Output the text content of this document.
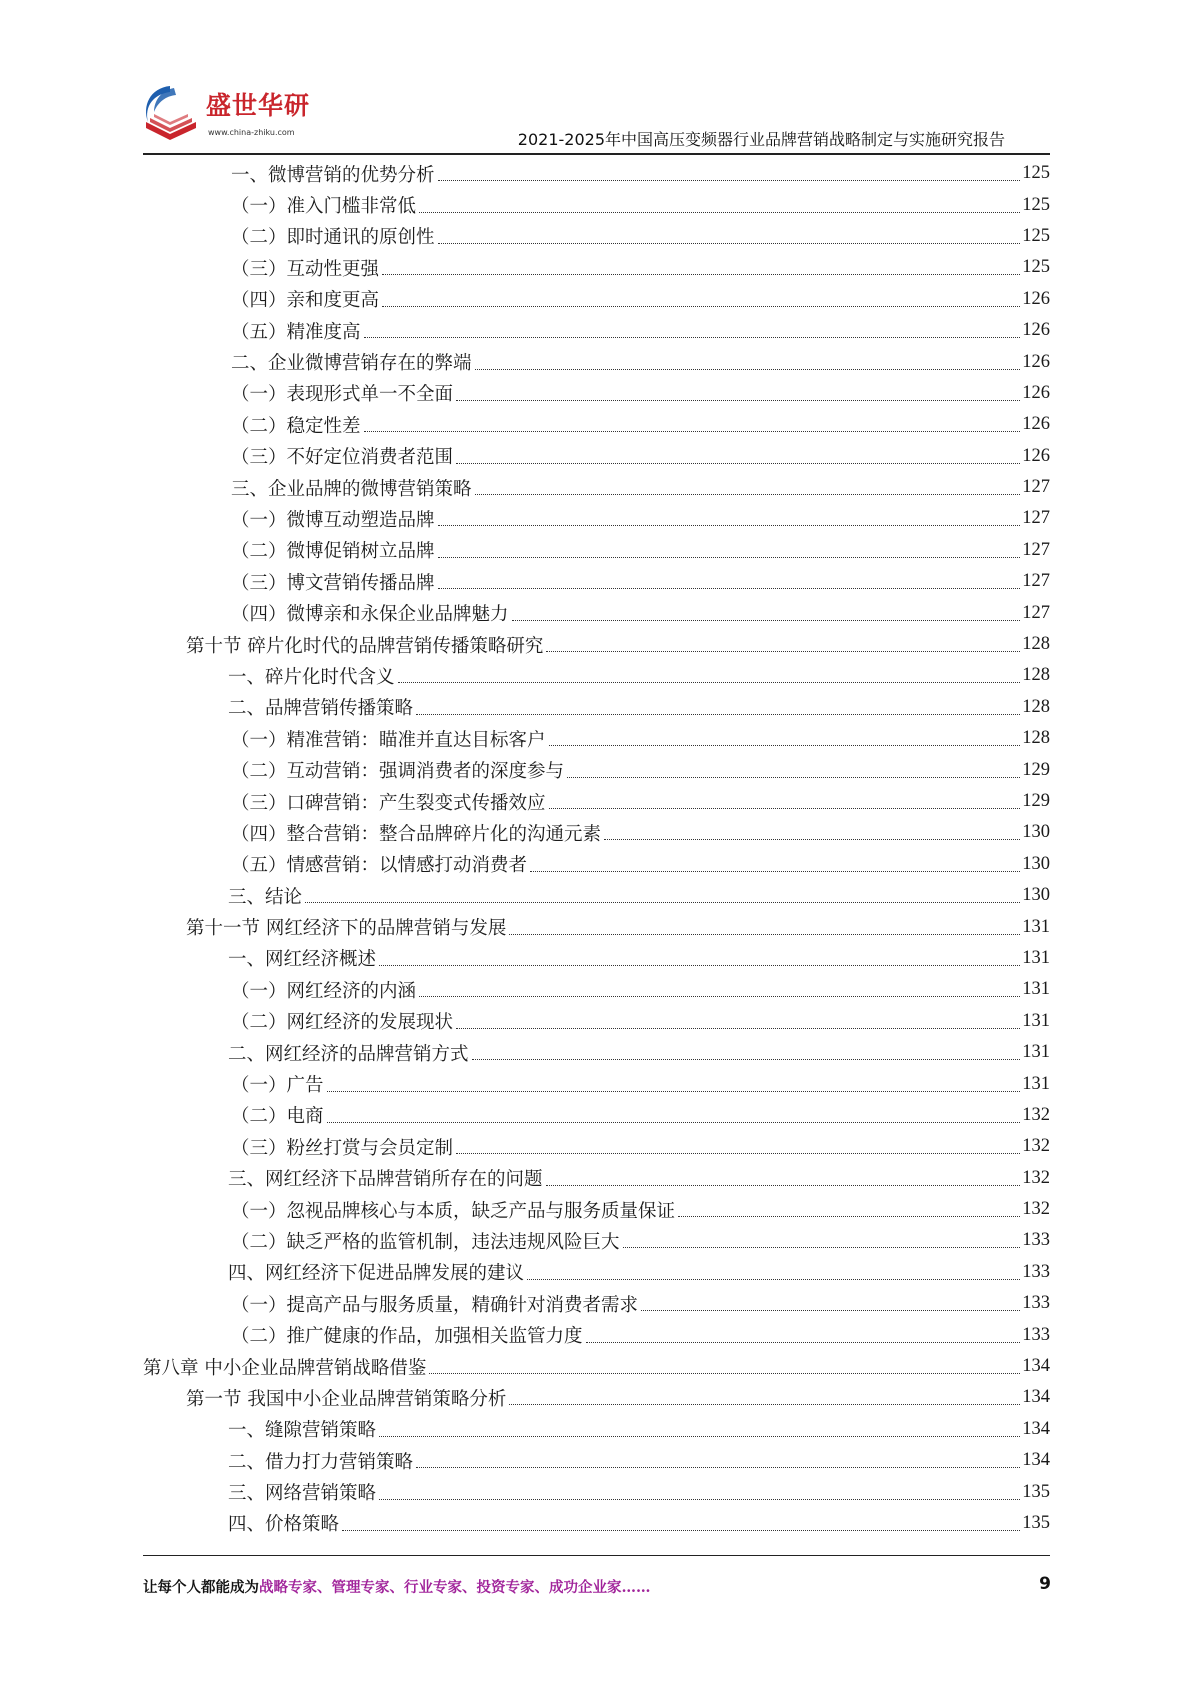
盛世华研
www.china-zhiku.com	2021-2025年中国高压变频器行业品牌营销战略制定与实施研究报告
一、微博营销的优势分析	125
（一）准入门槛非常低	125
（二）即时通讯的原创性	125
（三）互动性更强	125
（四）亲和度更高	126
（五）精准度高	126
二、企业微博营销存在的弊端	126
（一）表现形式单一不全面	126
（二）稳定性差	126
（三）不好定位消费者范围	126
三、企业品牌的微博营销策略	127
（一）微博互动塑造品牌	127
（二）微博促销树立品牌	127
（三）博文营销传播品牌	127
（四）微博亲和永保企业品牌魅力	127
第十节 碎片化时代的品牌营销传播策略研究	128
一、碎片化时代含义	128
二、品牌营销传播策略	128
（一）精准营销：瞄准并直达目标客户	128
（二）互动营销：强调消费者的深度参与	129
（三）口碑营销：产生裂变式传播效应	129
（四）整合营销：整合品牌碎片化的沟通元素	130
（五）情感营销：以情感打动消费者	130
三、结论	130
第十一节 网红经济下的品牌营销与发展	131
一、网红经济概述	131
（一）网红经济的内涵	131
（二）网红经济的发展现状	131
二、网红经济的品牌营销方式	131
（一）广告	131
（二）电商	132
（三）粉丝打赏与会员定制	132
三、网红经济下品牌营销所存在的问题	132
（一）忽视品牌核心与本质，缺乏产品与服务质量保证	132
（二）缺乏严格的监管机制，违法违规风险巨大	133
四、网红经济下促进品牌发展的建议	133
（一）提高产品与服务质量，精确针对消费者需求	133
（二）推广健康的作品，加强相关监管力度	133
第八章 中小企业品牌营销战略借鉴	134
第一节 我国中小企业品牌营销策略分析	134
一、缝隙营销策略	134
二、借力打力营销策略	134
三、网络营销策略	135
四、价格策略	135
让每个人都能成为战略专家、管理专家、行业专家、投资专家、成功企业家……	9
